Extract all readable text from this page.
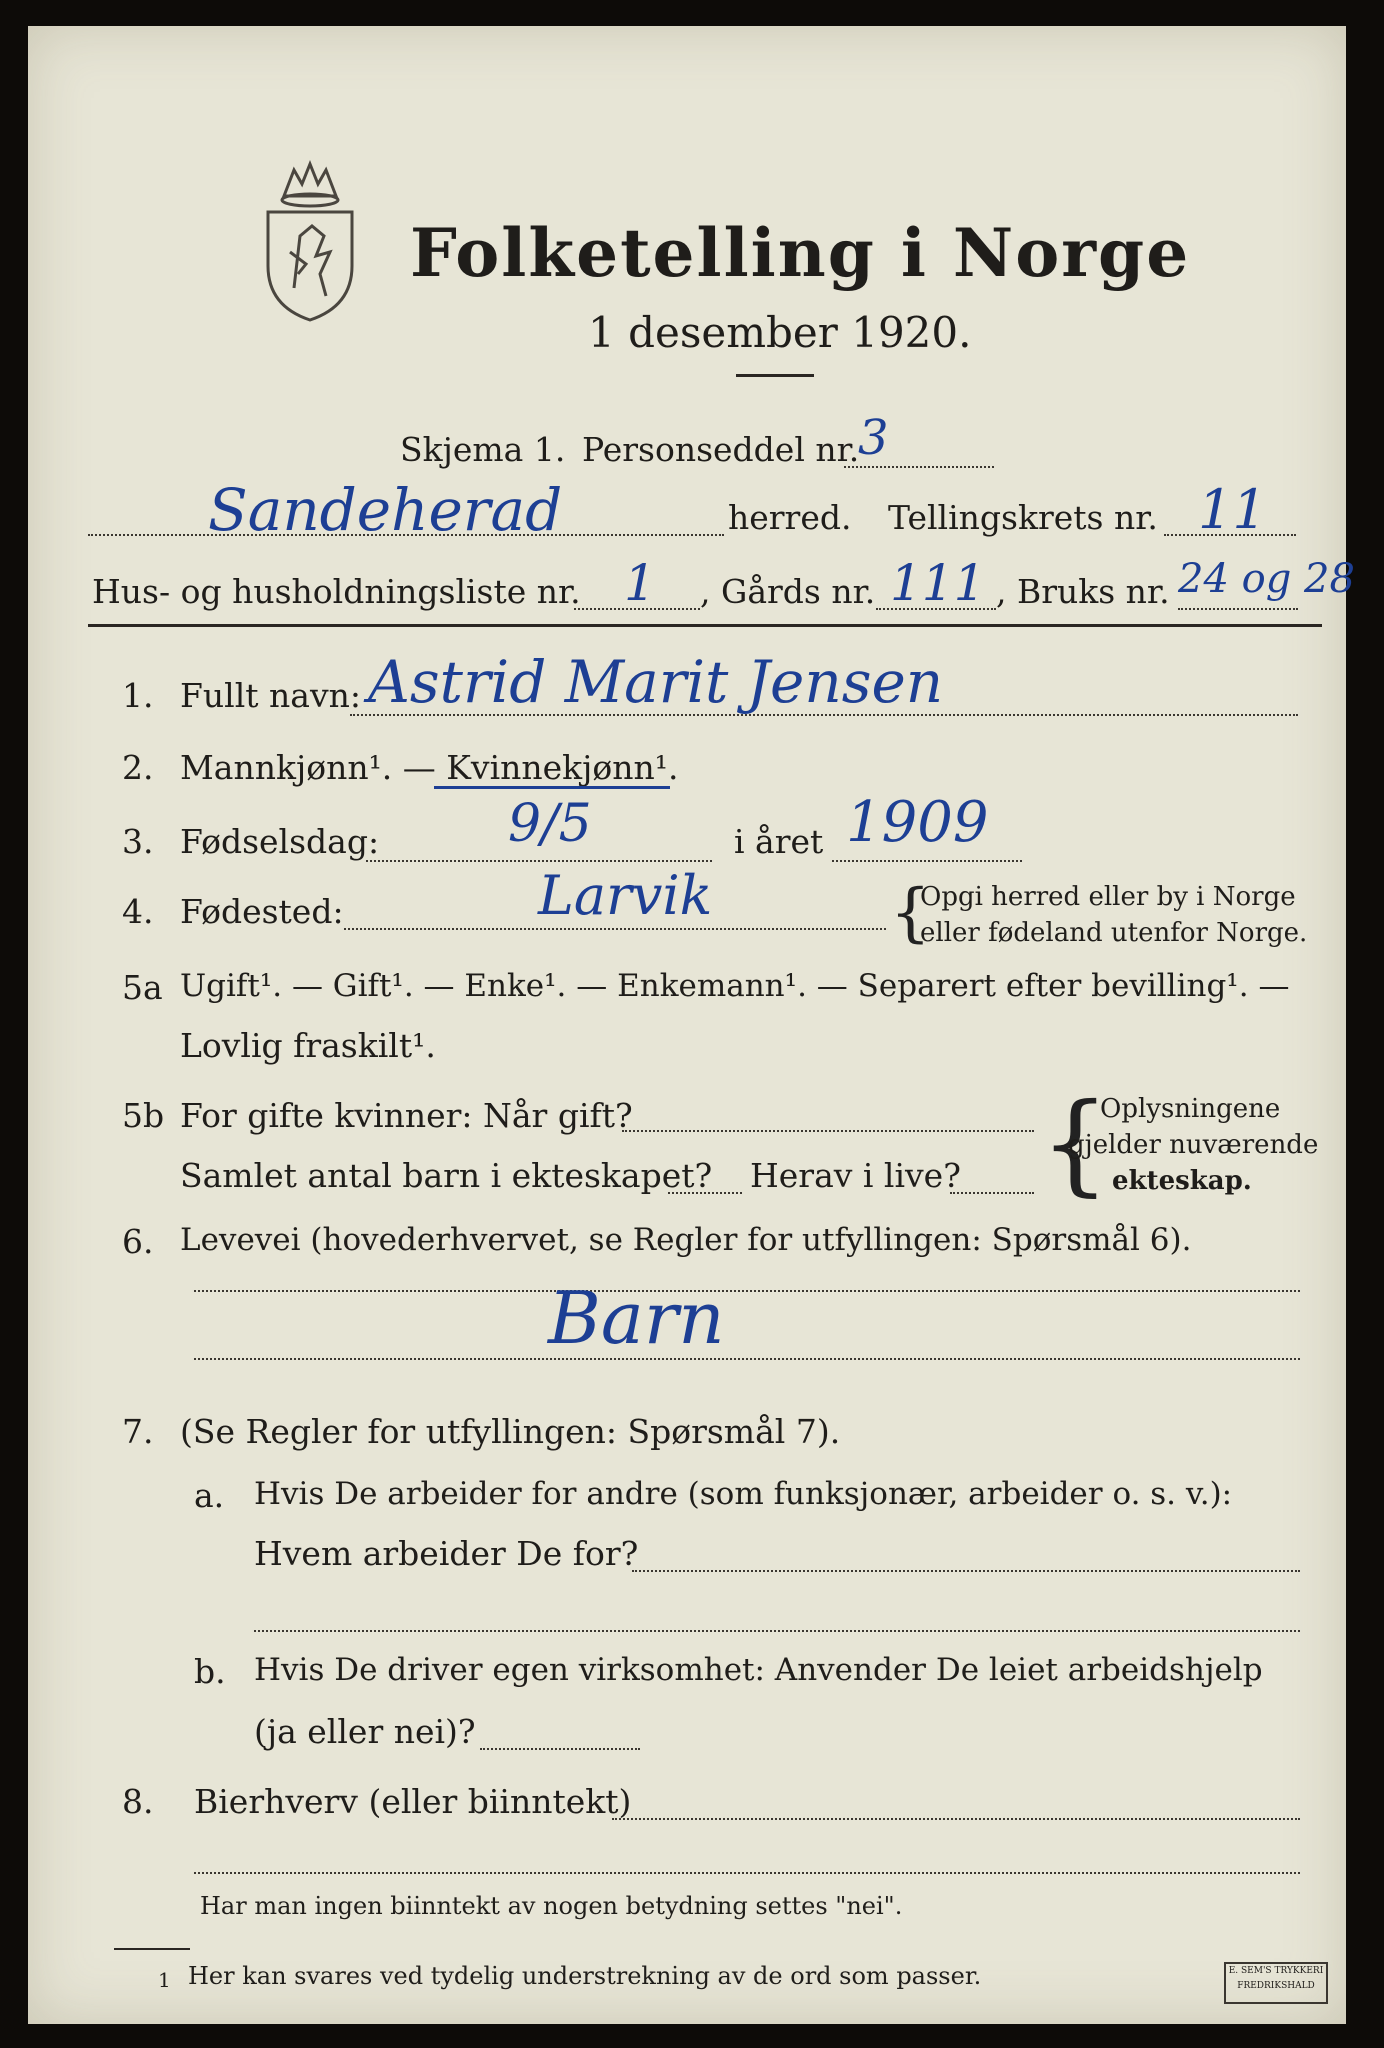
Folketelling i Norge
1 desember 1920.
Skjema 1. Personseddel nr.
3
Sandeherad	herred. Tellingskrets nr. 11
Hus- og husholdningsliste nr. 1 , Gårds nr. 111 , Bruks nr. 24 og 28
1. Fullt navn: Astrid Marit Jensen
2. Mannkjønn¹. — Kvinnekjønn¹.
3. Fødselsdag: 9/5	i året 1909
4. Fødested:	Larvik	{
Opgi herred eller by i Norge
eller fødeland utenfor Norge.
5a Ugift¹. — Gift¹. — Enke¹. — Enkemann¹. — Separert efter bevilling¹. —
Lovlig fraskilt¹.
5b For gifte kvinner: Når gift?
Samlet antal barn i ekteskapet? Herav i live? {
Oplysningene
gjelder nuværende
ekteskap.
6. Levevei (hovederhvervet, se Regler for utfyllingen: Spørsmål 6).
Barn
7. (Se Regler for utfyllingen: Spørsmål 7).
a. Hvis De arbeider for andre (som funksjonær, arbeider o. s. v.):
Hvem arbeider De for?
b. Hvis De driver egen virksomhet: Anvender De leiet arbeidshjelp
(ja eller nei)?
8. Bierhverv (eller biinntekt)
Har man ingen biinntekt av nogen betydning settes "nei".
1 Her kan svares ved tydelig understrekning av de ord som passer.	E. SEM'S TRYKKERI
FREDRIKSHALD
